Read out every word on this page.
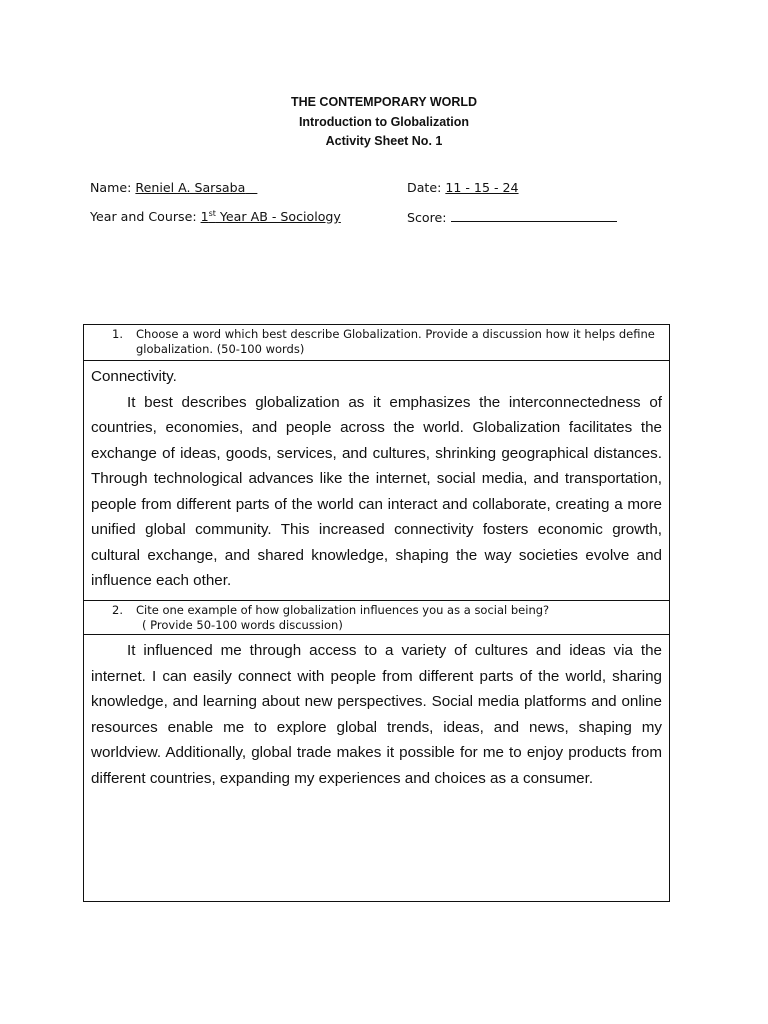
THE CONTEMPORARY WORLD
Introduction to Globalization
Activity Sheet No. 1
Name: Reniel A. Sarsaba	Date: 11 - 15 - 24
Year and Course: 1st Year AB - Sociology	Score:
1. Choose a word which best describe Globalization. Provide a discussion how it helps define globalization. (50-100 words)
Connectivity.
It best describes globalization as it emphasizes the interconnectedness of countries, economies, and people across the world. Globalization facilitates the exchange of ideas, goods, services, and cultures, shrinking geographical distances. Through technological advances like the internet, social media, and transportation, people from different parts of the world can interact and collaborate, creating a more unified global community. This increased connectivity fosters economic growth, cultural exchange, and shared knowledge, shaping the way societies evolve and influence each other.
2. Cite one example of how globalization influences you as a social being?
( Provide 50-100 words discussion)
It influenced me through access to a variety of cultures and ideas via the internet. I can easily connect with people from different parts of the world, sharing knowledge, and learning about new perspectives. Social media platforms and online resources enable me to explore global trends, ideas, and news, shaping my worldview. Additionally, global trade makes it possible for me to enjoy products from different countries, expanding my experiences and choices as a consumer.
